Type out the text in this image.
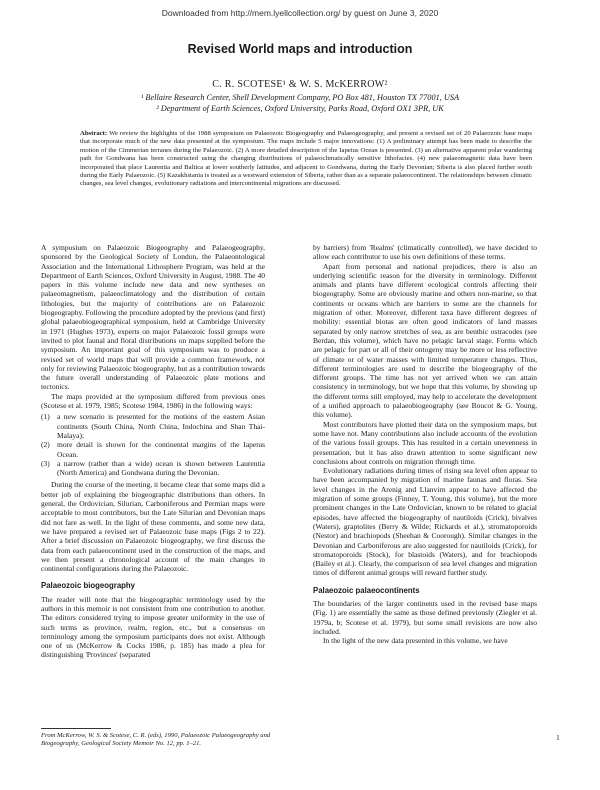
Downloaded from http://mem.lyellcollection.org/ by guest on June 3, 2020
Revised World maps and introduction
C. R. SCOTESE¹ & W. S. McKERROW²
¹ Bellaire Research Center, Shell Development Company, PO Box 481, Houston TX 77001, USA
² Department of Earth Sciences, Oxford University, Parks Road, Oxford OX1 3PR, UK
Abstract: We review the highlights of the 1988 symposium on Palaeozoic Biogeography and Palaeogeography, and present a revised set of 20 Palaeozoic base maps that incorporate much of the new data presented at the symposium. The maps include 5 major innovations: (1) A preliminary attempt has been made to describe the motion of the Cimmerian terranes during the Palaeozoic. (2) A more detailed description of the Iapetus Ocean is presented. (3) an alternative apparent polar wandering path for Gondwana has been constructed using the changing distributions of palaeoclimatically sensitive lithofacies. (4) new palaeomagnetic data have been incorporated that place Laurentia and Baltica at lower southerly latitudes, and adjacent to Gondwana, during the Early Devonian; Siberia is also placed further south during the Early Palaeozoic. (5) Kazakhstania is treated as a westward extension of Siberia, rather than as a separate palaeocontinent. The relationships between climatic changes, sea level changes, evolutionary radiations and intercontinental migrations are discussed.

A symposium on Palaeozoic Biogeography and Palaeogeography, sponsored by the Geological Society of London, the Palaeontological Association and the International Lithosphere Program, was held at the Department of Earth Sciences, Oxford University in August, 1988. The 40 papers in this volume include new data and new syntheses on palaeomagnetism, palaeoclimatology and the distribution of certain lithologies, but the majority of contributions are on Palaeozoic biogeography. Following the procedure adopted by the previous (and first) global palaeobiogeographical symposium, held at Cambridge University in 1971 (Hughes 1973), experts on major Palaeozoic fossil groups were invited to plot faunal and floral distributions on maps supplied before the symposium. An important goal of this symposium was to produce a revised set of world maps that will provide a common framework, not only for reviewing Palaeozoic biogeography, but as a contribution towards the future overall understanding of Palaeozoic plate motions and tectonics.

The maps provided at the symposium differed from previous ones (Scotese et al. 1979, 1985; Scotese 1984, 1986) in the following ways:

(1) a new scenario is presented for the motions of the eastern Asian continents (South China, North China, Indochina and Shan Thai-Malaya);
(2) more detail is shown for the continental margins of the Iapetus Ocean.
(3) a narrow (rather than a wide) ocean is shown between Laurentia (North America) and Gondwana during the Devonian.

During the course of the meeting, it became clear that some maps did a better job of explaining the biogeographic distributions than others. In general, the Ordovician, Silurian, Carboniferous and Permian maps were acceptable to most contributors, but the Late Silurian and Devonian maps did not fare as well. In the light of these comments, and some new data, we have prepared a revised set of Palaeozoic base maps (Figs 2 to 22). After a brief discussion on Palaeozoic biogeography, we first discuss the data from each palaeocontinent used in the construction of the maps, and we then present a chronological account of the main changes in continental configurations during the Palaeozoic.

Palaeozoic biogeography

The reader will note that the biogeographic terminology used by the authors in this memoir is not consistent from one contribution to another. The editors considered trying to impose greater uniformity in the use of such terms as province, realm, region, etc., but a consensus on terminology among the symposium participants does not exist. Although one of us (McKerrow & Cocks 1986, p. 185) has made a plea for distinguishing 'Provinces' (separated

by barriers) from 'Realms' (climatically controlled), we have decided to allow each contributor to use his own definitions of these terms.

Apart from personal and national prejudices, there is also an underlying scientific reason for the diversity in terminology. Different animals and plants have different ecological controls affecting their biogeography. Some are obviously marine and others non-marine, so that continents or oceans which are barriers to some are the channels for migration of other. Moreover, different taxa have different degrees of mobility: essential biotas are often good indicators of land masses separated by only narrow stretches of sea, as are benthic ostracodes (see Berdan, this volume), which have no pelagic larval stage. Forms which are pelagic for part or all of their ontogeny may be more or less reflective of climate or of water masses with limited temperature changes. Thus, different terminologies are used to describe the biogeography of the different groups. The time has not yet arrived when we can attain consistency in terminology, but we hope that this volume, by showing up the different terms still employed, may help to accelerate the development of a unified approach to palaeobiogeography (see Boucot & G. Young, this volume).

Most contributors have plotted their data on the symposium maps, but some have not. Many contributions also include accounts of the evolution of the various fossil groups. This has resulted in a certain unevenness in presentation, but it has also drawn attention to some significant new conclusions about controls on migration through time.

Evolutionary radiations during times of rising sea level often appear to have been accompanied by migration of marine faunas and floras. Sea level changes in the Arenig and Llanvirn appear to have affected the migration of some groups (Finney, T. Young, this volume), but the more prominent changes in the Late Ordovician, known to be related to glacial episodes, have affected the biogeography of nautiloids (Crick), bivalves (Waters), graptolites (Berry & Wilde; Rickards et al.), stromatoporoids (Nestor) and brachiopods (Sheehan & Coorough). Similar changes in the Devonian and Carboniferous are also suggested for nautiloids (Crick), for stromatoporoids (Stock), for blastoids (Waters), and for brachiopods (Bailey et al.). Clearly, the comparison of sea level changes and migration times of different animal groups will reward further study.

Palaeozoic palaeocontinents

The boundaries of the larger continents used in the revised base maps (Fig. 1) are essentially the same as those defined previously (Ziegler et al. 1979a, b; Scotese et al. 1979), but some small revisions are now also included.

In the light of the new data presented in this volume, we have

From McKerrow, W. S. & Scotese, C. R. (eds), 1990, Palaeozoic Palaeogeography and Biogeography, Geological Society Memoir No. 12, pp. 1–21.
1
